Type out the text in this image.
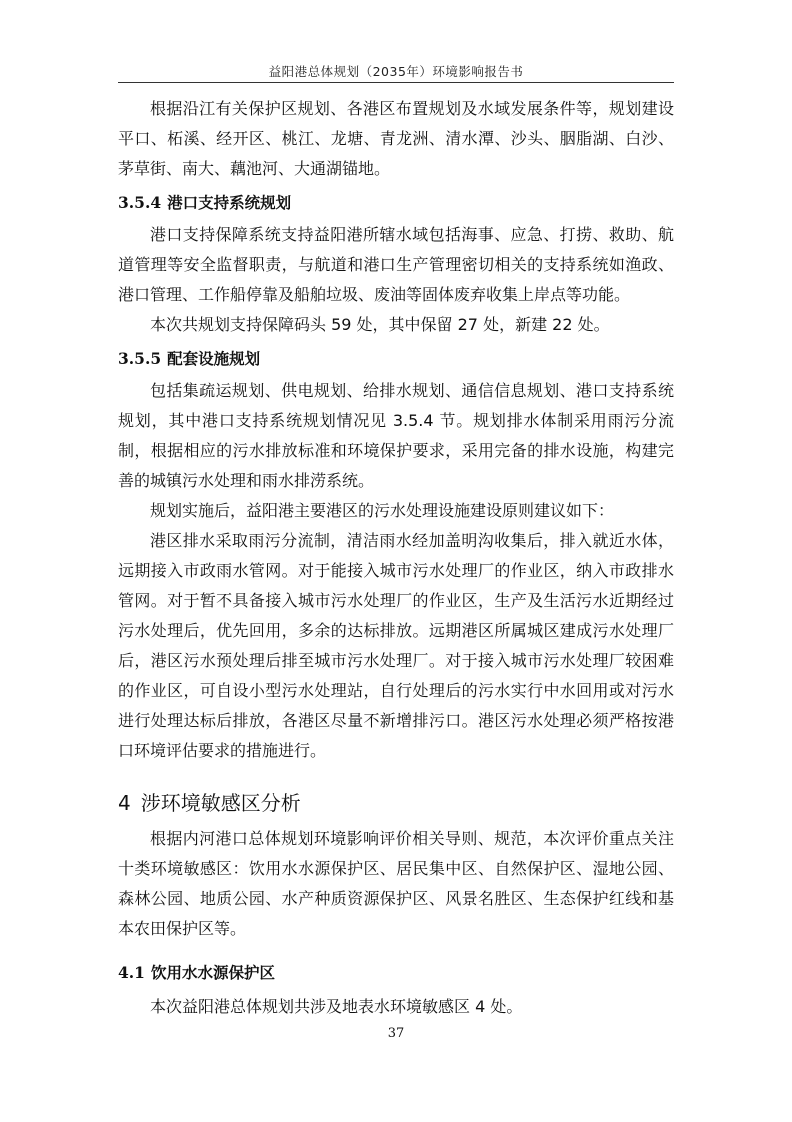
益阳港总体规划（2035年）环境影响报告书

根据沿江有关保护区规划、各港区布置规划及水域发展条件等，规划建设平口、柘溪、经开区、桃江、龙塘、青龙洲、清水潭、沙头、胭脂湖、白沙、茅草街、南大、藕池河、大通湖锚地。

3.5.4 港口支持系统规划

港口支持保障系统支持益阳港所辖水域包括海事、应急、打捞、救助、航道管理等安全监督职责，与航道和港口生产管理密切相关的支持系统如渔政、港口管理、工作船停靠及船舶垃圾、废油等固体废弃收集上岸点等功能。

本次共规划支持保障码头 59 处，其中保留 27 处，新建 22 处。

3.5.5 配套设施规划

包括集疏运规划、供电规划、给排水规划、通信信息规划、港口支持系统规划，其中港口支持系统规划情况见 3.5.4 节。规划排水体制采用雨污分流制，根据相应的污水排放标准和环境保护要求，采用完备的排水设施，构建完善的城镇污水处理和雨水排涝系统。

规划实施后，益阳港主要港区的污水处理设施建设原则建议如下：

港区排水采取雨污分流制，清洁雨水经加盖明沟收集后，排入就近水体，远期接入市政雨水管网。对于能接入城市污水处理厂的作业区，纳入市政排水管网。对于暂不具备接入城市污水处理厂的作业区，生产及生活污水近期经过污水处理后，优先回用，多余的达标排放。远期港区所属城区建成污水处理厂后，港区污水预处理后排至城市污水处理厂。对于接入城市污水处理厂较困难的作业区，可自设小型污水处理站，自行处理后的污水实行中水回用或对污水进行处理达标后排放，各港区尽量不新增排污口。港区污水处理必须严格按港口环境评估要求的措施进行。

4 涉环境敏感区分析

根据内河港口总体规划环境影响评价相关导则、规范，本次评价重点关注十类环境敏感区：饮用水水源保护区、居民集中区、自然保护区、湿地公园、森林公园、地质公园、水产种质资源保护区、风景名胜区、生态保护红线和基本农田保护区等。

4.1 饮用水水源保护区

本次益阳港总体规划共涉及地表水环境敏感区 4 处。

37
